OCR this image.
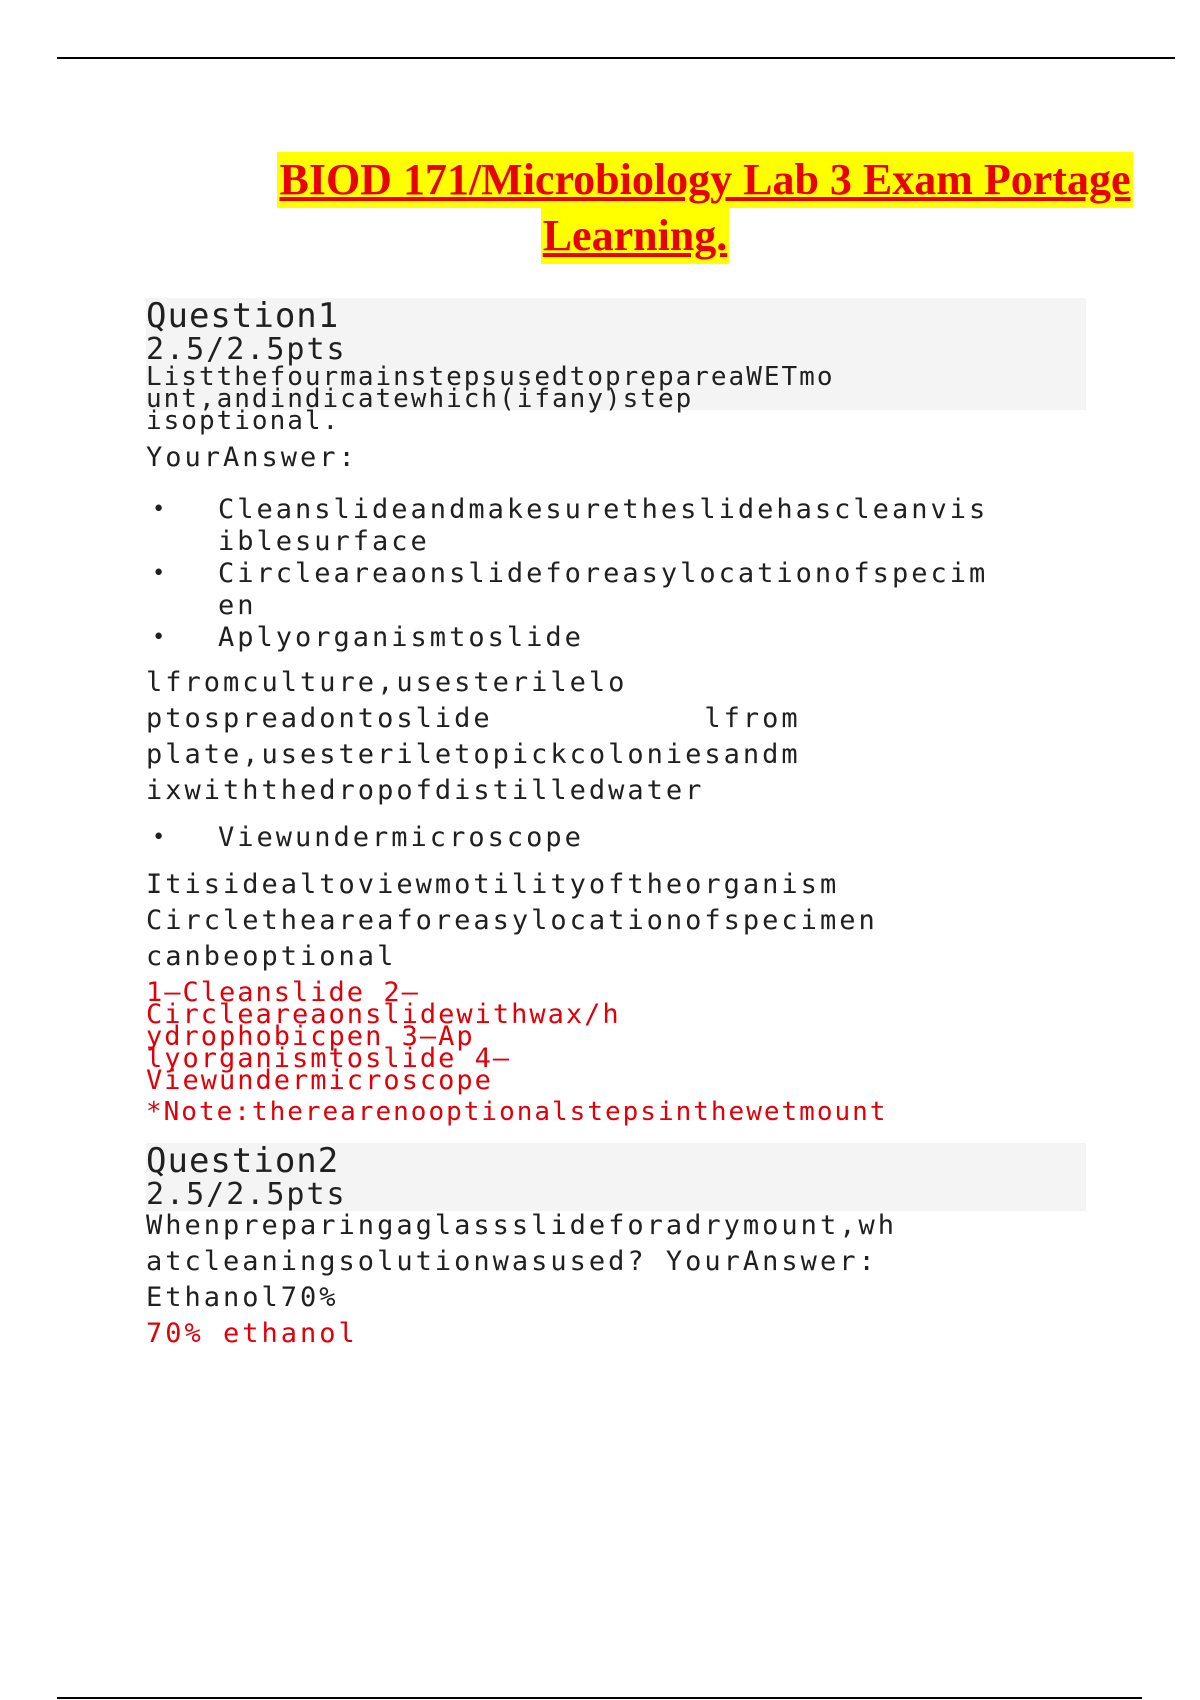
BIOD 171/Microbiology Lab 3 Exam Portage
Learning.
Question1
2.5/2.5pts
ListthefourmainstepsusedtoprepareaWETmo
unt,andindicatewhich(ifany)step
isoptional.
YourAnswer:
• Cleanslideandmakesuretheslidehascleanvis
iblesurface
• Circleareaonslideforeasylocationofspecim
en
• Aplyorganismtoslide
lfromculture,usesterilelo
ptospreadontoslide           lfrom
plate,usesteriletopickcoloniesandm
ixwiththedropofdistilledwater
• Viewundermicroscope
Itisidealtoviewmotilityoftheorganism
Circletheareaforeasylocationofspecimen
canbeoptional
1–Cleanslide 2–
Circleareaonslidewithwax/h
ydrophobicpen 3–Ap
lyorganismtoslide 4–
Viewundermicroscope
*Note:therearenooptionalstepsinthewetmount
Question2
2.5/2.5pts
Whenpreparingaglassslideforadrymount,wh
atcleaningsolutionwasused? YourAnswer:
Ethanol70%
70% ethanol
